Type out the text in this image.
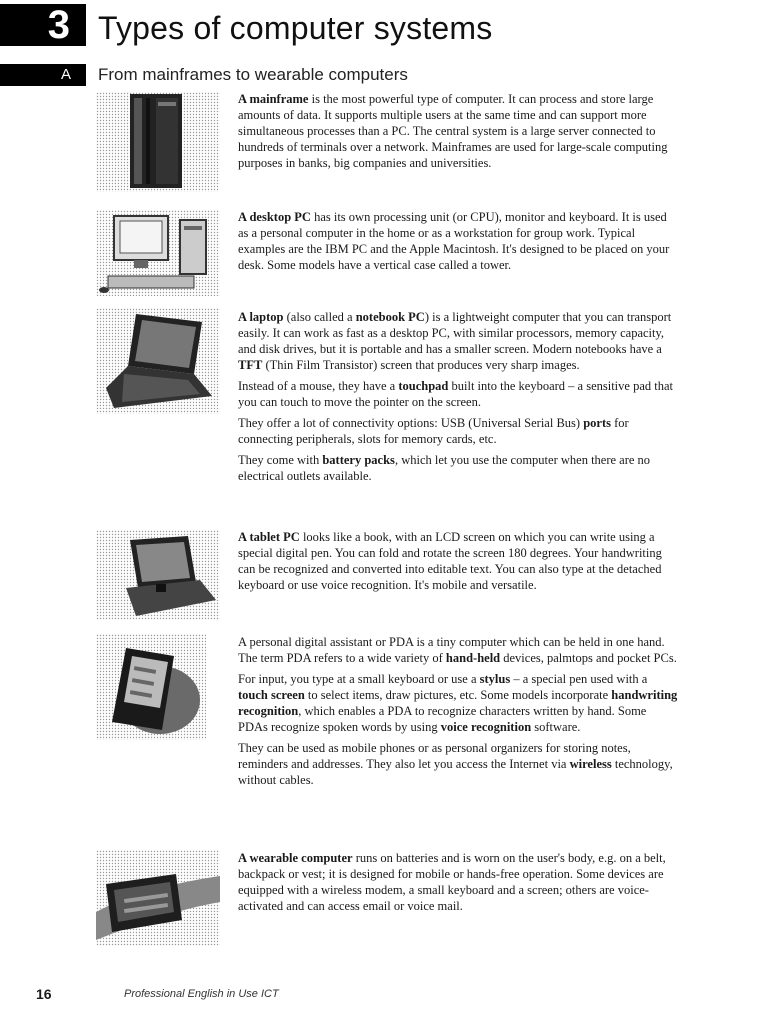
3 Types of computer systems
A	From mainframes to wearable computers

A mainframe is the most powerful type of computer. It can process and store large amounts of data. It supports multiple users at the same time and can support more simultaneous processes than a PC. The central system is a large server connected to hundreds of terminals over a network. Mainframes are used for large-scale computing purposes in banks, big companies and universities.

A desktop PC has its own processing unit (or CPU), monitor and keyboard. It is used as a personal computer in the home or as a workstation for group work. Typical examples are the IBM PC and the Apple Macintosh. It's designed to be placed on your desk. Some models have a vertical case called a tower.

A laptop (also called a notebook PC) is a lightweight computer that you can transport easily. It can work as fast as a desktop PC, with similar processors, memory capacity, and disk drives, but it is portable and has a smaller screen. Modern notebooks have a TFT (Thin Film Transistor) screen that produces very sharp images.

Instead of a mouse, they have a touchpad built into the keyboard – a sensitive pad that you can touch to move the pointer on the screen.

They offer a lot of connectivity options: USB (Universal Serial Bus) ports for connecting peripherals, slots for memory cards, etc.

They come with battery packs, which let you use the computer when there are no electrical outlets available.

A tablet PC looks like a book, with an LCD screen on which you can write using a special digital pen. You can fold and rotate the screen 180 degrees. Your handwriting can be recognized and converted into editable text. You can also type at the detached keyboard or use voice recognition. It's mobile and versatile.

A personal digital assistant or PDA is a tiny computer which can be held in one hand. The term PDA refers to a wide variety of hand-held devices, palmtops and pocket PCs.

For input, you type at a small keyboard or use a stylus – a special pen used with a touch screen to select items, draw pictures, etc. Some models incorporate handwriting recognition, which enables a PDA to recognize characters written by hand. Some PDAs recognize spoken words by using voice recognition software.

They can be used as mobile phones or as personal organizers for storing notes, reminders and addresses. They also let you access the Internet via wireless technology, without cables.

A wearable computer runs on batteries and is worn on the user's body, e.g. on a belt, backpack or vest; it is designed for mobile or hands-free operation. Some devices are equipped with a wireless modem, a small keyboard and a screen; others are voice-activated and can access email or voice mail.

16	Professional English in Use ICT
